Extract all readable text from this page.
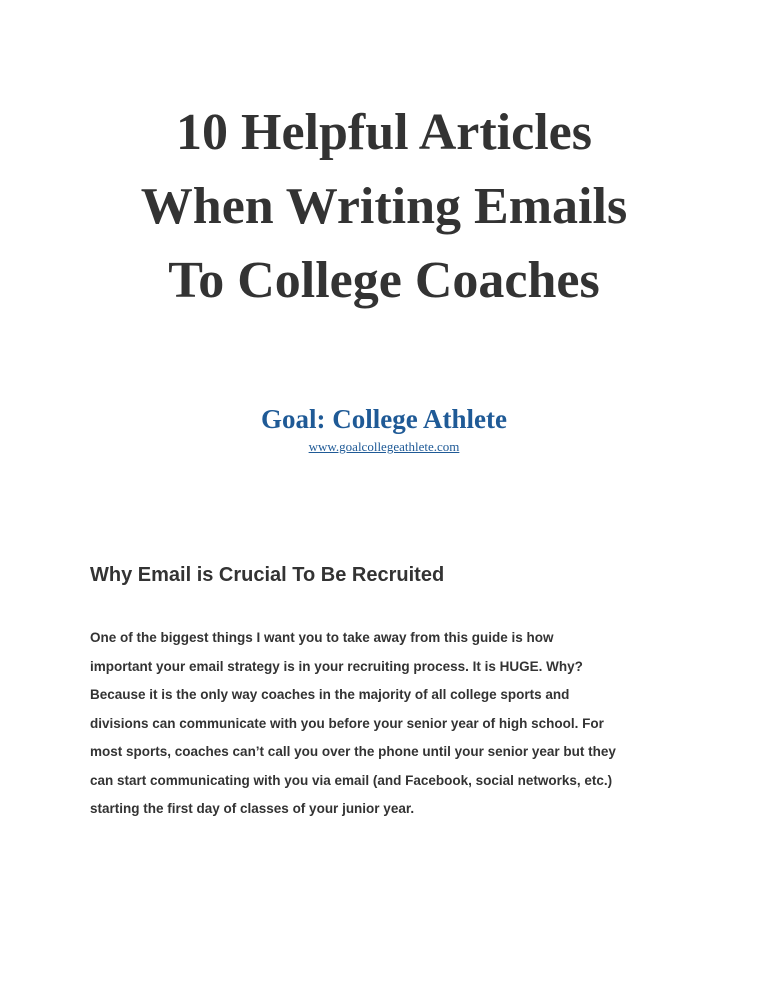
10 Helpful Articles
When Writing Emails
To College Coaches
Goal: College Athlete
www.goalcollegeathlete.com
Why Email is Crucial To Be Recruited
One of the biggest things I want you to take away from this guide is how
important your email strategy is in your recruiting process. It is HUGE. Why?
Because it is the only way coaches in the majority of all college sports and
divisions can communicate with you before your senior year of high school. For
most sports, coaches can’t call you over the phone until your senior year but they
can start communicating with you via email (and Facebook, social networks, etc.)
starting the first day of classes of your junior year.
